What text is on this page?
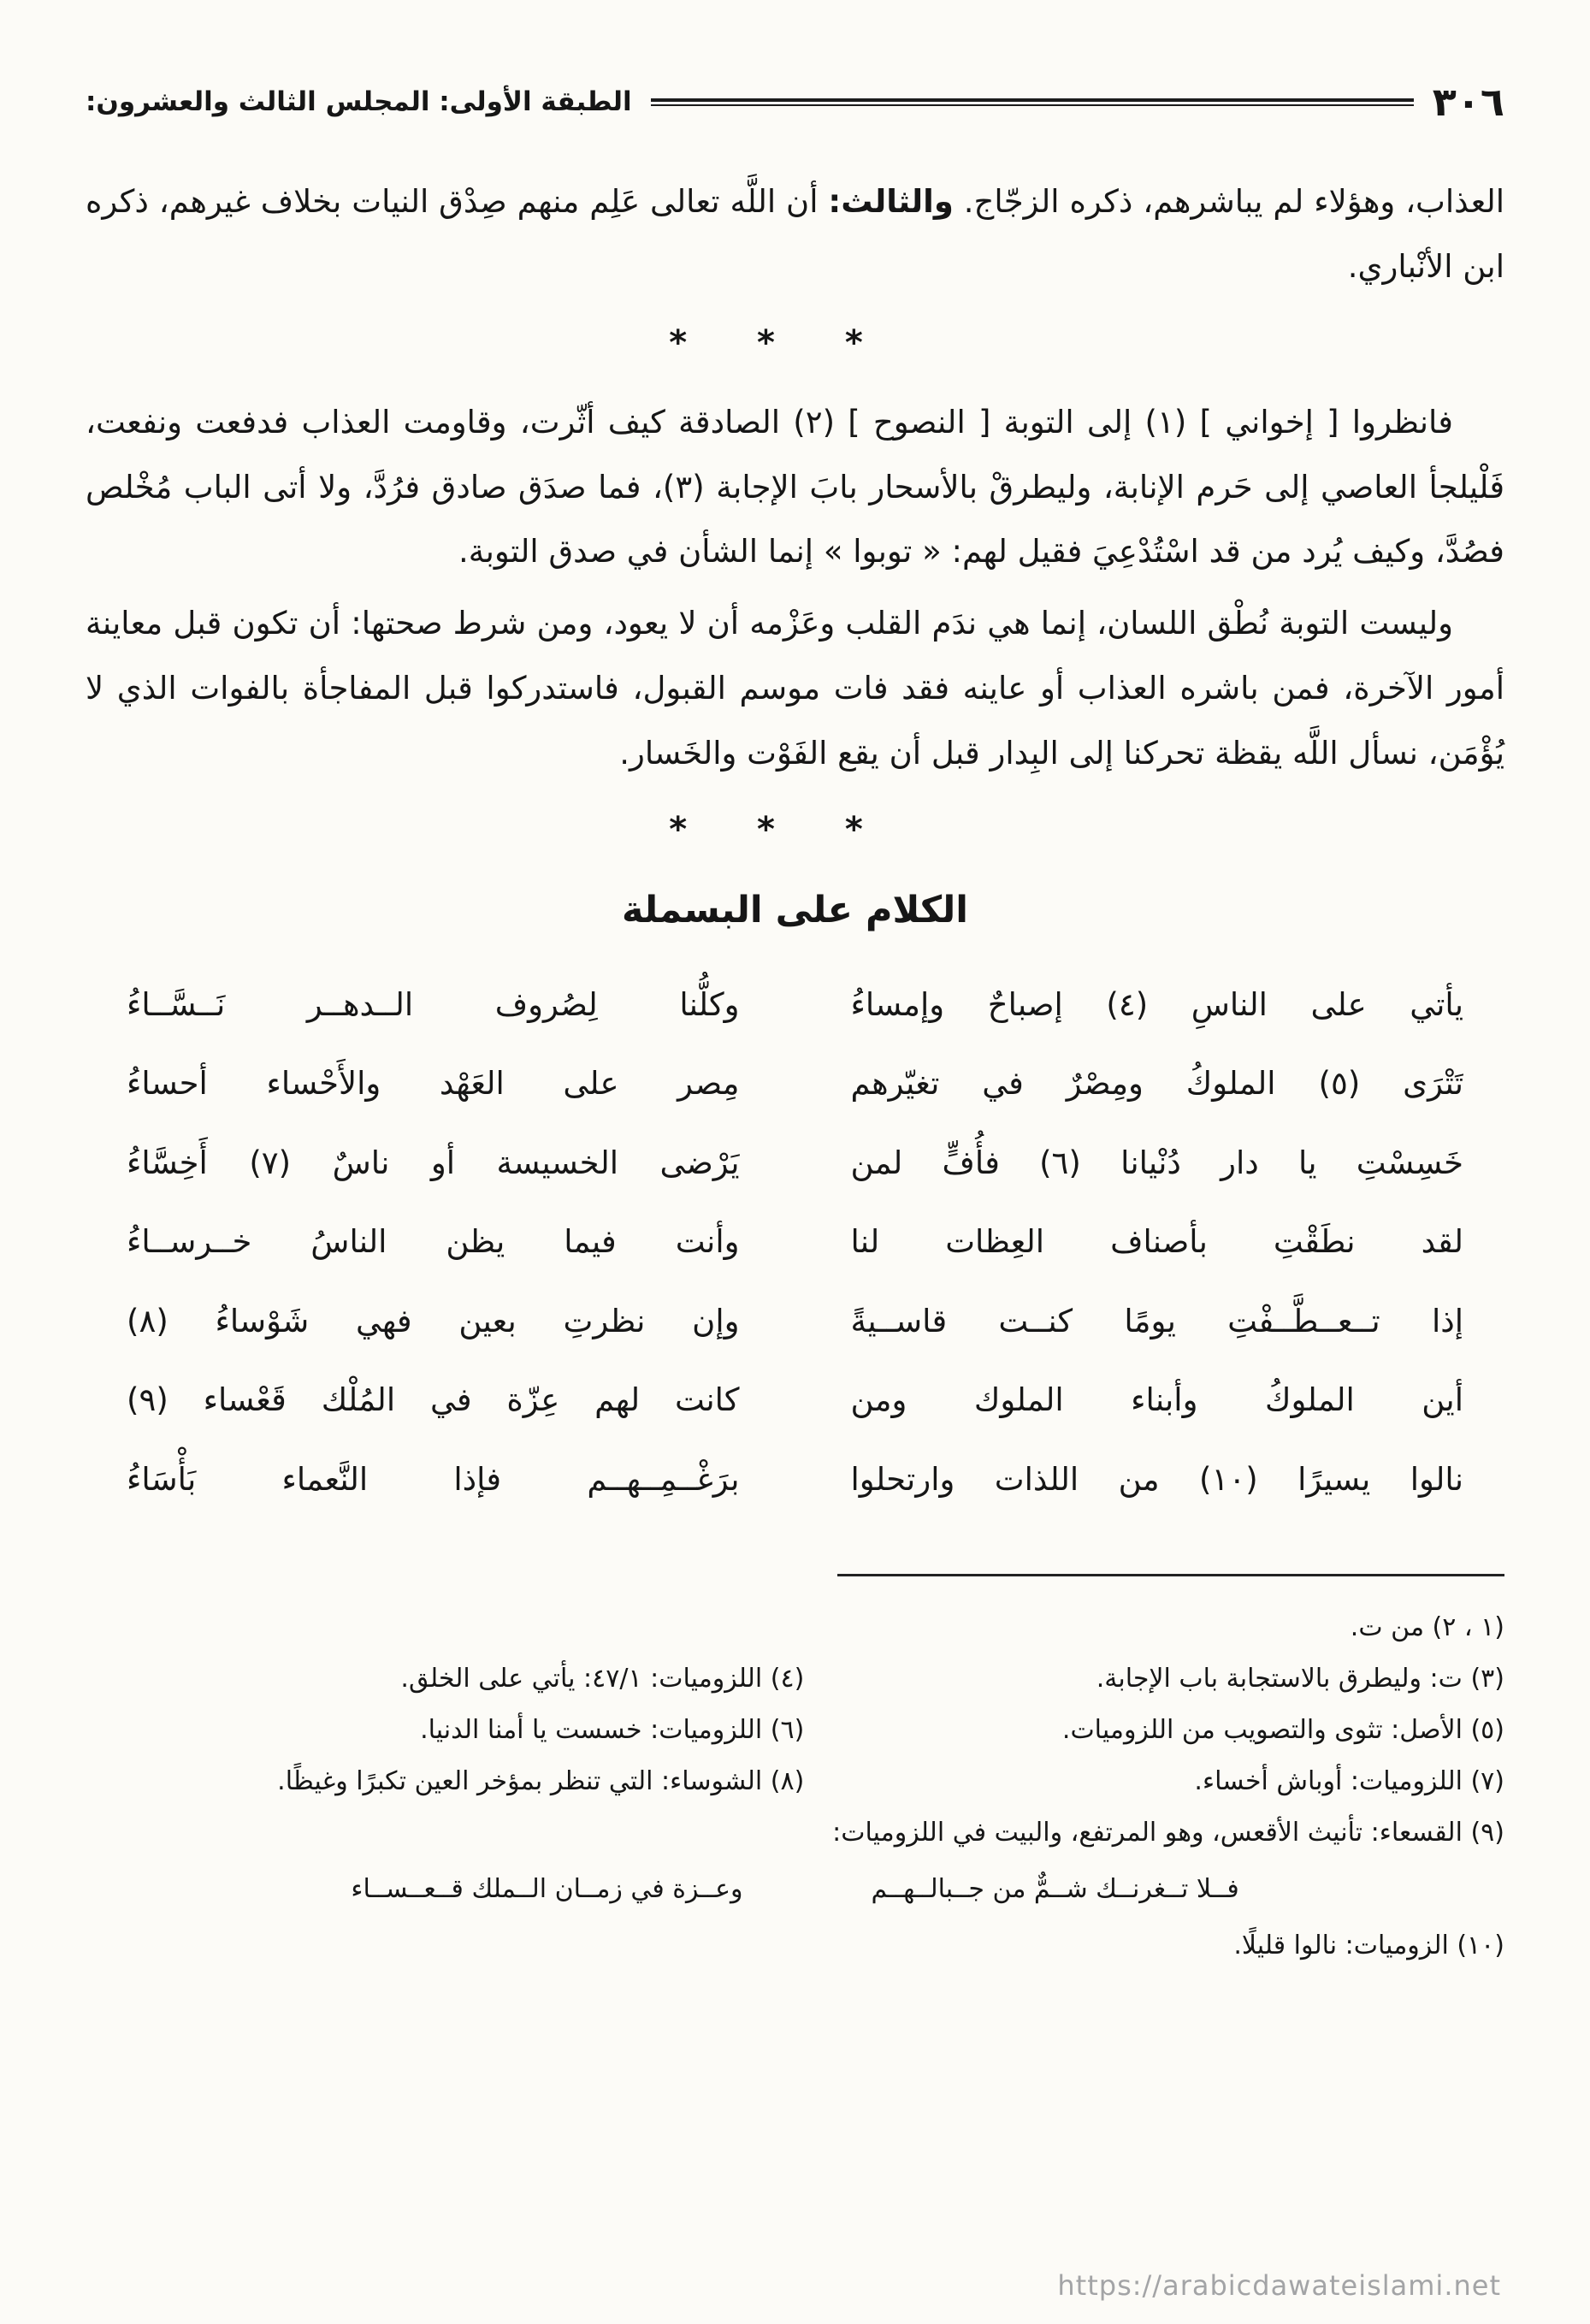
٣٠٦
الطبقة الأولى: المجلس الثالث والعشرون:

العذاب، وهؤلاء لم يباشرهم، ذكره الزجّاج. والثالث: أن اللَّه تعالى عَلِم منهم صِدْق النيات بخلاف غيرهم، ذكره ابن الأنْباري.

* * *

فانظروا [ إخواني ] (١) إلى التوبة [ النصوح ] (٢) الصادقة كيف أثّرت، وقاومت العذاب فدفعت ونفعت، فَلْيلجأ العاصي إلى حَرم الإنابة، وليطرقْ بالأسحار بابَ الإجابة (٣)، فما صدَق صادق فرُدَّ، ولا أتى الباب مُخْلص فصُدَّ، وكيف يُرد من قد اسْتُدْعِيَ فقيل لهم: « توبوا » إنما الشأن في صدق التوبة.

وليست التوبة نُطْق اللسان، إنما هي ندَم القلب وعَزْمه أن لا يعود، ومن شرط صحتها: أن تكون قبل معاينة أمور الآخرة، فمن باشره العذاب أو عاينه فقد فات موسم القبول، فاستدركوا قبل المفاجأة بالفوات الذي لا يُؤْمَن، نسأل اللَّه يقظة تحركنا إلى البِدار قبل أن يقع الفَوْت والخَسار.

* * *
الكلام على البسملة
يأتي على الناسِ (٤) إصباحٌ وإمساءُ
وكلُّنا لِصُروف الــدهــر نَــسَّــاءُ
تَتْرَى (٥) الملوكُ ومِصْرٌ في تغيّرهم
مِصر على العَهْد والأَحْساء أحساءُ
خَسِسْتِ يا دار دُنْيانا (٦) فأُفٍّ لمن
يَرْضى الخسيسة أو ناسٌ (٧) أَخِسَّاءُ
لقد نطَقْتِ بأصناف العِظات لنا
وأنت فيما يظن الناسُ خــرســاءُ
إذا تــعــطَّــفْتِ يومًا كنــت قاســيةً
وإن نظرتِ بعين فهي شَوْساءُ (٨)
أين الملوكُ وأبناء الملوك ومن
كانت لهم عِزّة في المُلْك قَعْساء (٩)
نالوا يسيرًا (١٠) من اللذات وارتحلوا
برَغْــمِــهــم فإذا النَّعماء بَأْسَاءُ
(١ ، ٢) من ت.
(٣) ت: وليطرق بالاستجابة باب الإجابة.
(٤) اللزوميات: ٤٧/١: يأتي على الخلق.
(٥) الأصل: تثوى والتصويب من اللزوميات.
(٦) اللزوميات: خسست يا أمنا الدنيا.
(٧) اللزوميات: أوباش أخساء.
(٨) الشوساء: التي تنظر بمؤخر العين تكبرًا وغيظًا.
(٩) القسعاء: تأنيث الأقعس، وهو المرتفع، والبيت في اللزوميات:
فــلا تــغرنــك شــمٌّ من جــبالــهــم
وعــزة في زمــان الــملك قــعــســاء
(١٠) الزوميات: نالوا قليلًا.
https://arabicdawateislami.net
